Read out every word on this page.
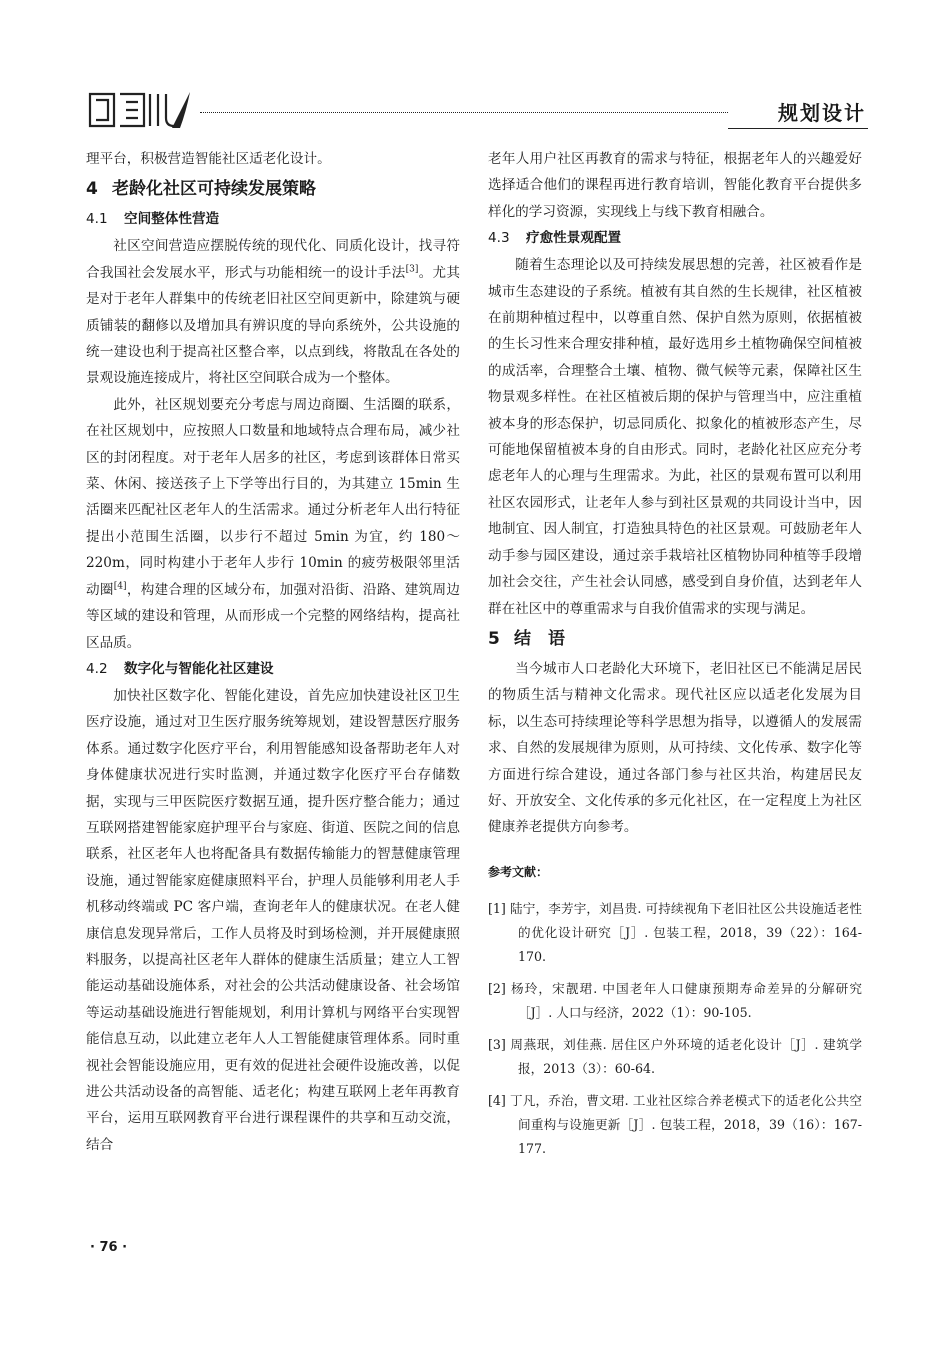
规划设计

理平台，积极营造智能社区适老化设计。

4 老龄化社区可持续发展策略
4.1 空间整体性营造

社区空间营造应摆脱传统的现代化、同质化设计，找寻符合我国社会发展水平，形式与功能相统一的设计手法[3]。尤其是对于老年人群集中的传统老旧社区空间更新中，除建筑与硬质铺装的翻修以及增加具有辨识度的导向系统外，公共设施的统一建设也利于提高社区整合率，以点到线，将散乱在各处的景观设施连接成片，将社区空间联合成为一个整体。

此外，社区规划要充分考虑与周边商圈、生活圈的联系，在社区规划中，应按照人口数量和地域特点合理布局，减少社区的封闭程度。对于老年人居多的社区，考虑到该群体日常买菜、休闲、接送孩子上下学等出行目的，为其建立 15min 生活圈来匹配社区老年人的生活需求。通过分析老年人出行特征提出小范围生活圈，以步行不超过 5min 为宜，约 180～220m，同时构建小于老年人步行 10min 的疲劳极限邻里活动圈[4]，构建合理的区域分布，加强对沿街、沿路、建筑周边等区域的建设和管理，从而形成一个完整的网络结构，提高社区品质。

4.2 数字化与智能化社区建设

加快社区数字化、智能化建设，首先应加快建设社区卫生医疗设施，通过对卫生医疗服务统筹规划，建设智慧医疗服务体系。通过数字化医疗平台，利用智能感知设备帮助老年人对身体健康状况进行实时监测，并通过数字化医疗平台存储数据，实现与三甲医院医疗数据互通，提升医疗整合能力；通过互联网搭建智能家庭护理平台与家庭、街道、医院之间的信息联系，社区老年人也将配备具有数据传输能力的智慧健康管理设施，通过智能家庭健康照料平台，护理人员能够利用老人手机移动终端或 PC 客户端，查询老年人的健康状况。在老人健康信息发现异常后，工作人员将及时到场检测，并开展健康照料服务，以提高社区老年人群体的健康生活质量；建立人工智能运动基础设施体系，对社会的公共活动健康设备、社会场馆等运动基础设施进行智能规划，利用计算机与网络平台实现智能信息互动，以此建立老年人人工智能健康管理体系。同时重视社会智能设施应用，更有效的促进社会硬件设施改善，以促进公共活动设备的高智能、适老化；构建互联网上老年再教育平台，运用互联网教育平台进行课程课件的共享和互动交流，结合

老年人用户社区再教育的需求与特征，根据老年人的兴趣爱好选择适合他们的课程再进行教育培训，智能化教育平台提供多样化的学习资源，实现线上与线下教育相融合。

4.3 疗愈性景观配置

随着生态理论以及可持续发展思想的完善，社区被看作是城市生态建设的子系统。植被有其自然的生长规律，社区植被在前期种植过程中，以尊重自然、保护自然为原则，依据植被的生长习性来合理安排种植，最好选用乡土植物确保空间植被的成活率，合理整合土壤、植物、微气候等元素，保障社区生物景观多样性。在社区植被后期的保护与管理当中，应注重植被本身的形态保护，切忌同质化、拟象化的植被形态产生，尽可能地保留植被本身的自由形式。同时，老龄化社区应充分考虑老年人的心理与生理需求。为此，社区的景观布置可以利用社区农园形式，让老年人参与到社区景观的共同设计当中，因地制宜、因人制宜，打造独具特色的社区景观。可鼓励老年人动手参与园区建设，通过亲手栽培社区植物协同种植等手段增加社会交往，产生社会认同感，感受到自身价值，达到老年人群在社区中的尊重需求与自我价值需求的实现与满足。

5 结　语

当今城市人口老龄化大环境下，老旧社区已不能满足居民的物质生活与精神文化需求。现代社区应以适老化发展为目标，以生态可持续理论等科学思想为指导，以遵循人的发展需求、自然的发展规律为原则，从可持续、文化传承、数字化等方面进行综合建设，通过各部门参与社区共治，构建居民友好、开放安全、文化传承的多元化社区，在一定程度上为社区健康养老提供方向参考。

参考文献：

[1] 陆宁，李芳宇，刘昌贵. 可持续视角下老旧社区公共设施适老性的优化设计研究［J］. 包装工程，2018，39（22）：164-170.

[2] 杨玲，宋靓珺. 中国老年人口健康预期寿命差异的分解研究［J］. 人口与经济，2022（1）：90-105.

[3] 周燕珉，刘佳燕. 居住区户外环境的适老化设计［J］. 建筑学报，2013（3）：60-64.

[4] 丁凡，乔治，曹文珺. 工业社区综合养老模式下的适老化公共空间重构与设施更新［J］. 包装工程，2018，39（16）：167-177.

· 76 ·
